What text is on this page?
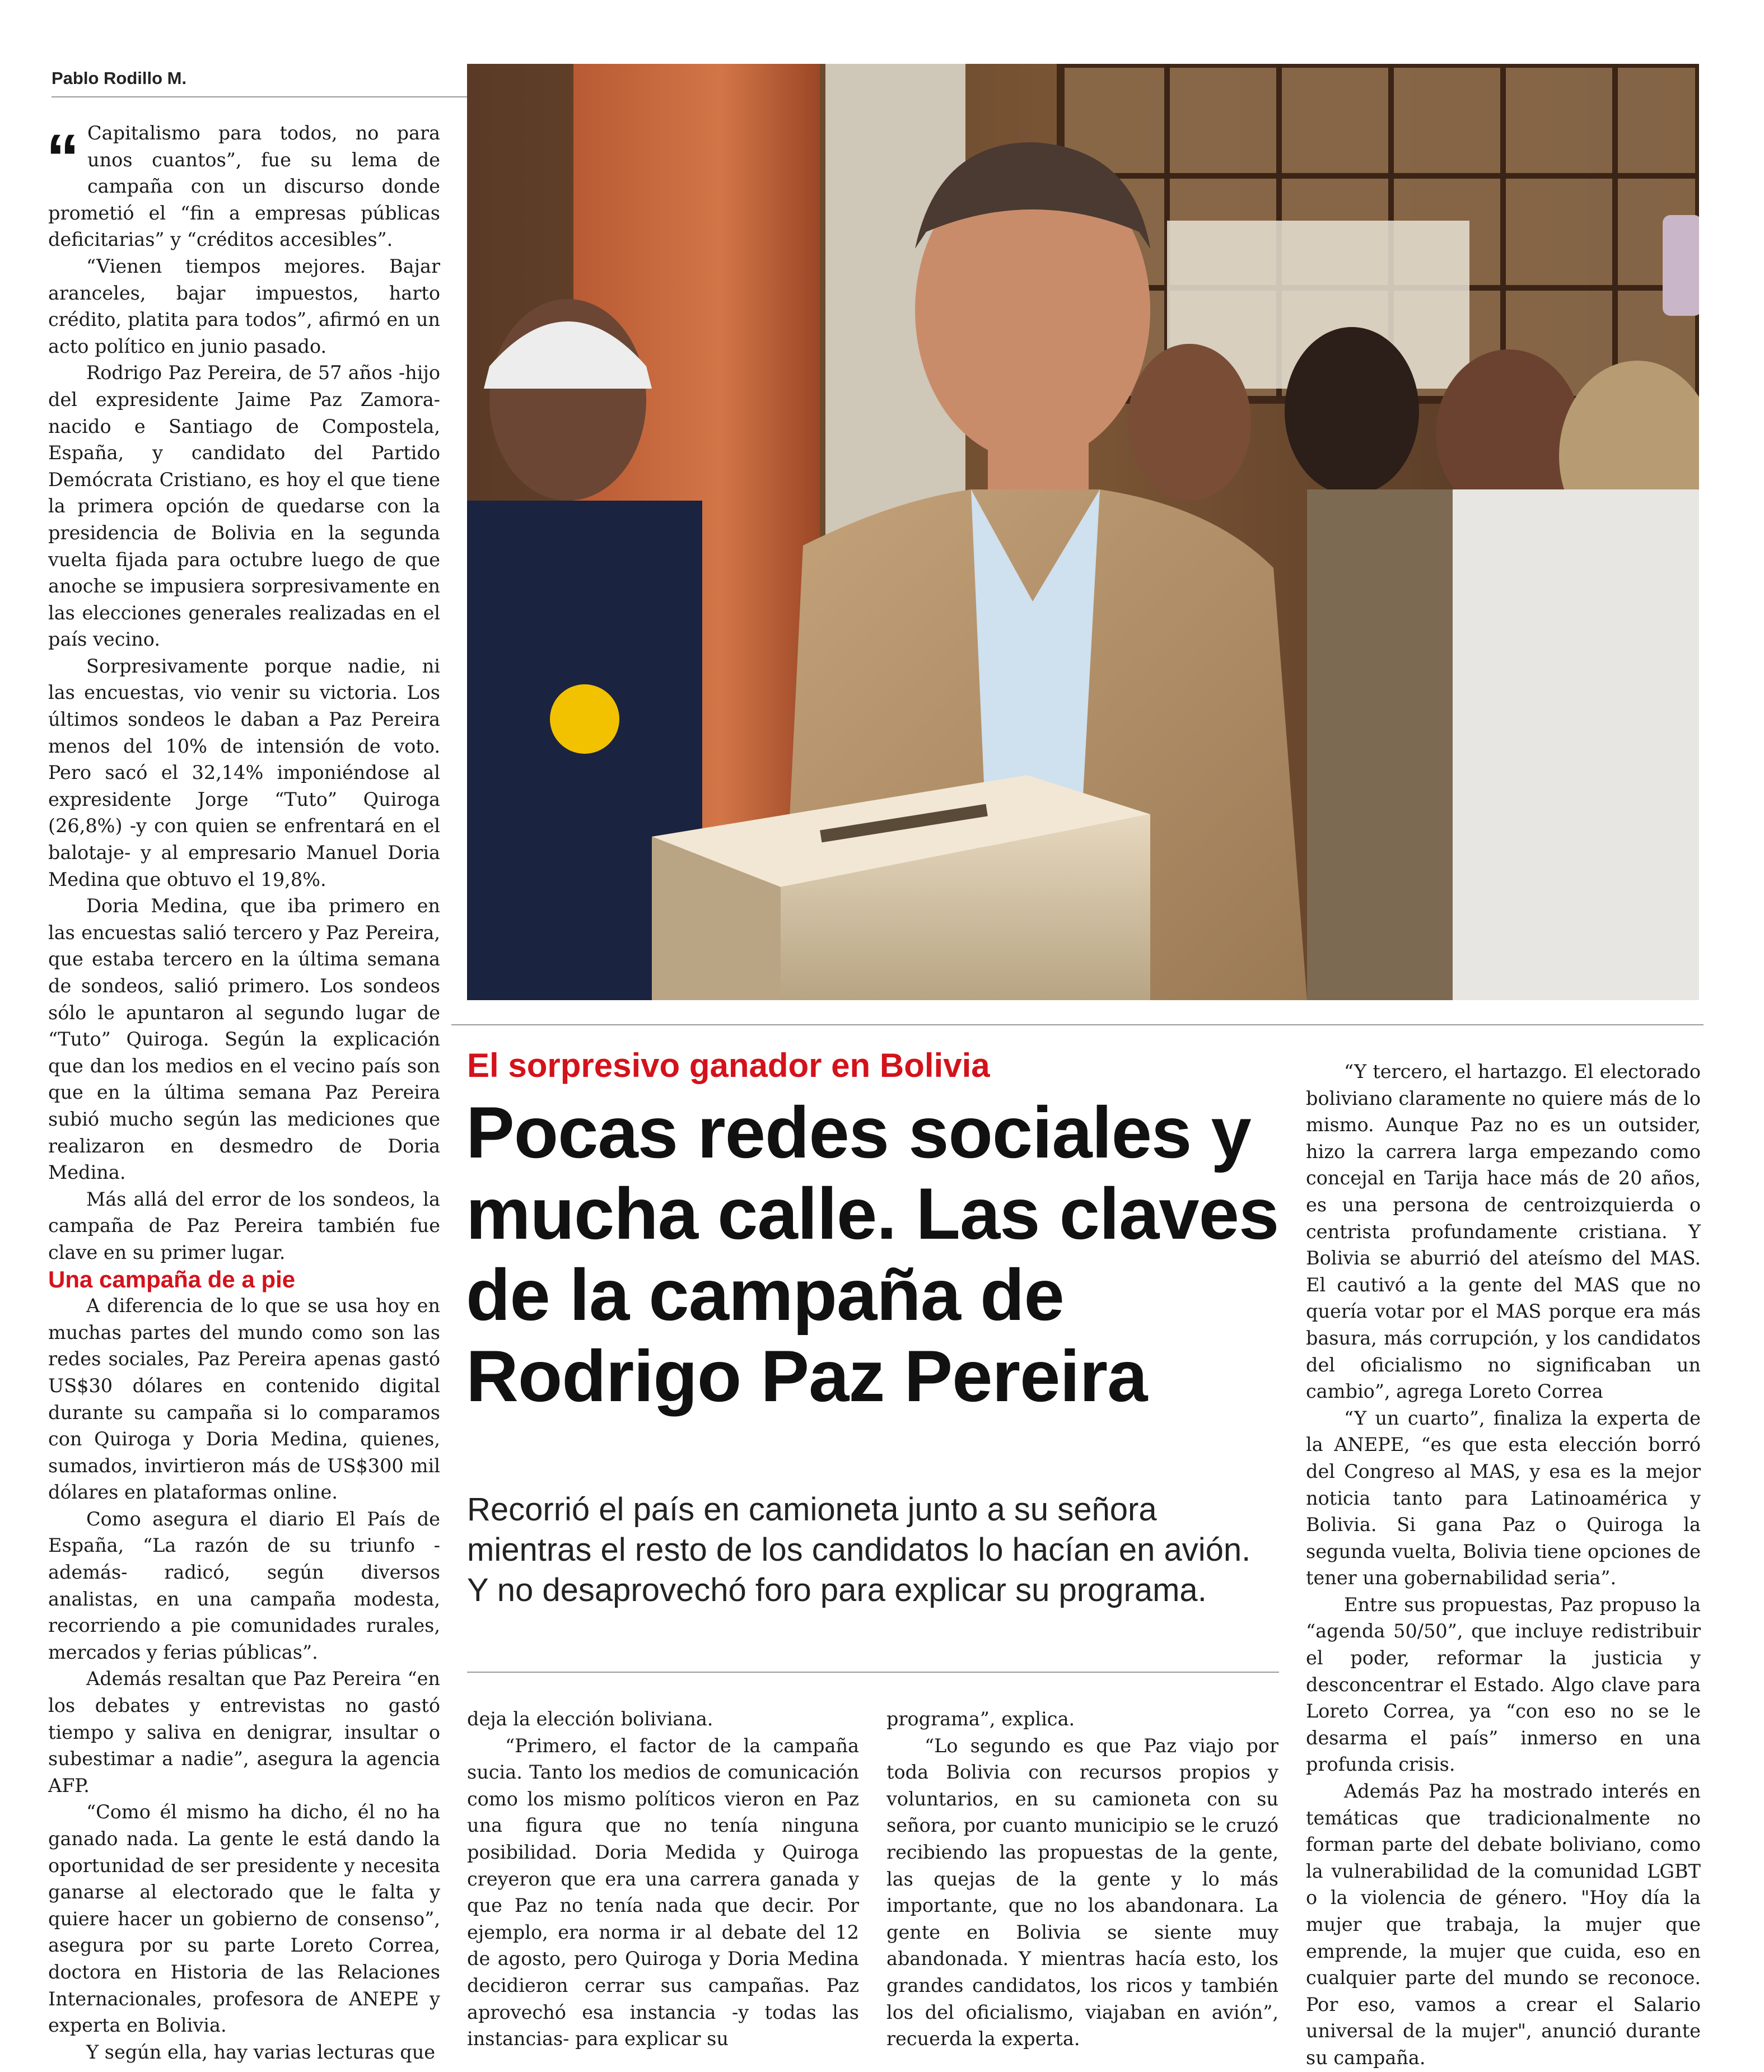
Pablo Rodillo M.

“ Capitalismo para todos, no para unos cuantos”, fue su lema de campaña con un discurso donde prometió el “fin a empresas públicas deficitarias” y “créditos accesibles”.

“Vienen tiempos mejores. Bajar aranceles, bajar impuestos, harto crédito, platita para todos”, afirmó en un acto político en junio pasado.

Rodrigo Paz Pereira, de 57 años -hijo del expresidente Jaime Paz Zamora- nacido e Santiago de Compostela, España, y candidato del Partido Demócrata Cristiano, es hoy el que tiene la primera opción de quedarse con la presidencia de Bolivia en la segunda vuelta fijada para octubre luego de que anoche se impusiera sorpresivamente en las elecciones generales realizadas en el país vecino.

Sorpresivamente porque nadie, ni las encuestas, vio venir su victoria. Los últimos sondeos le daban a Paz Pereira menos del 10% de intensión de voto. Pero sacó el 32,14% imponiéndose al expresidente Jorge “Tuto” Quiroga (26,8%) -y con quien se enfrentará en el balotaje- y al empresario Manuel Doria Medina que obtuvo el 19,8%.

Doria Medina, que iba primero en las encuestas salió tercero y Paz Pereira, que estaba tercero en la última semana de sondeos, salió primero. Los sondeos sólo le apuntaron al segundo lugar de “Tuto” Quiroga. Según la explicación que dan los medios en el vecino país son que en la última semana Paz Pereira subió mucho según las mediciones que realizaron en desmedro de Doria Medina.

Más allá del error de los sondeos, la campaña de Paz Pereira también fue clave en su primer lugar.

Una campaña de a pie

A diferencia de lo que se usa hoy en muchas partes del mundo como son las redes sociales, Paz Pereira apenas gastó US$30 dólares en contenido digital durante su campaña si lo comparamos con Quiroga y Doria Medina, quienes, sumados, invirtieron más de US$300 mil dólares en plataformas online.

Como asegura el diario El País de España, “La razón de su triunfo -además- radicó, según diversos analistas, en una campaña modesta, recorriendo a pie comunidades rurales, mercados y ferias públicas”.

Además resaltan que Paz Pereira “en los debates y entrevistas no gastó tiempo y saliva en denigrar, insultar o subestimar a nadie”, asegura la agencia AFP.

“Como él mismo ha dicho, él no ha ganado nada. La gente le está dando la oportunidad de ser presidente y necesita ganarse al electorado que le falta y quiere hacer un gobierno de consenso”, asegura por su parte Loreto Correa, doctora en Historia de las Relaciones Internacionales, profesora de ANEPE y experta en Bolivia.

Y según ella, hay varias lecturas que

El sorpresivo ganador en Bolivia
Pocas redes sociales y mucha calle. Las claves de la campaña de Rodrigo Paz Pereira
Recorrió el país en camioneta junto a su señora mientras el resto de los candidatos lo hacían en avión. Y no desaprovechó foro para explicar su programa.

deja la elección boliviana.

“Primero, el factor de la campaña sucia. Tanto los medios de comunicación como los mismo políticos vieron en Paz una figura que no tenía ninguna posibilidad. Doria Medida y Quiroga creyeron que era una carrera ganada y que Paz no tenía nada que decir. Por ejemplo, era norma ir al debate del 12 de agosto, pero Quiroga y Doria Medina decidieron cerrar sus campañas. Paz aprovechó esa instancia -y todas las instancias- para explicar su

programa”, explica.

“Lo segundo es que Paz viajo por toda Bolivia con recursos propios y voluntarios, en su camioneta con su señora, por cuanto municipio se le cruzó recibiendo las propuestas de la gente, las quejas de la gente y lo más importante, que no los abandonara. La gente en Bolivia se siente muy abandonada. Y mientras hacía esto, los grandes candidatos, los ricos y también los del oficialismo, viajaban en avión”, recuerda la experta.

“Y tercero, el hartazgo. El electorado boliviano claramente no quiere más de lo mismo. Aunque Paz no es un outsider, hizo la carrera larga empezando como concejal en Tarija hace más de 20 años, es una persona de centroizquierda o centrista profundamente cristiana. Y Bolivia se aburrió del ateísmo del MAS. El cautivó a la gente del MAS que no quería votar por el MAS porque era más basura, más corrupción, y los candidatos del oficialismo no significaban un cambio”, agrega Loreto Correa

“Y un cuarto”, finaliza la experta de la ANEPE, “es que esta elección borró del Congreso al MAS, y esa es la mejor noticia tanto para Latinoamérica y Bolivia. Si gana Paz o Quiroga la segunda vuelta, Bolivia tiene opciones de tener una gobernabilidad seria”.

Entre sus propuestas, Paz propuso la “agenda 50/50”, que incluye redistribuir el poder, reformar la justicia y desconcentrar el Estado. Algo clave para Loreto Correa, ya “con eso no se le desarma el país” inmerso en una profunda crisis.

Además Paz ha mostrado interés en temáticas que tradicionalmente no forman parte del debate boliviano, como la vulnerabilidad de la comunidad LGBT o la violencia de género. "Hoy día la mujer que trabaja, la mujer que emprende, la mujer que cuida, eso en cualquier parte del mundo se reconoce. Por eso, vamos a crear el Salario universal de la mujer", anunció durante su campaña.
